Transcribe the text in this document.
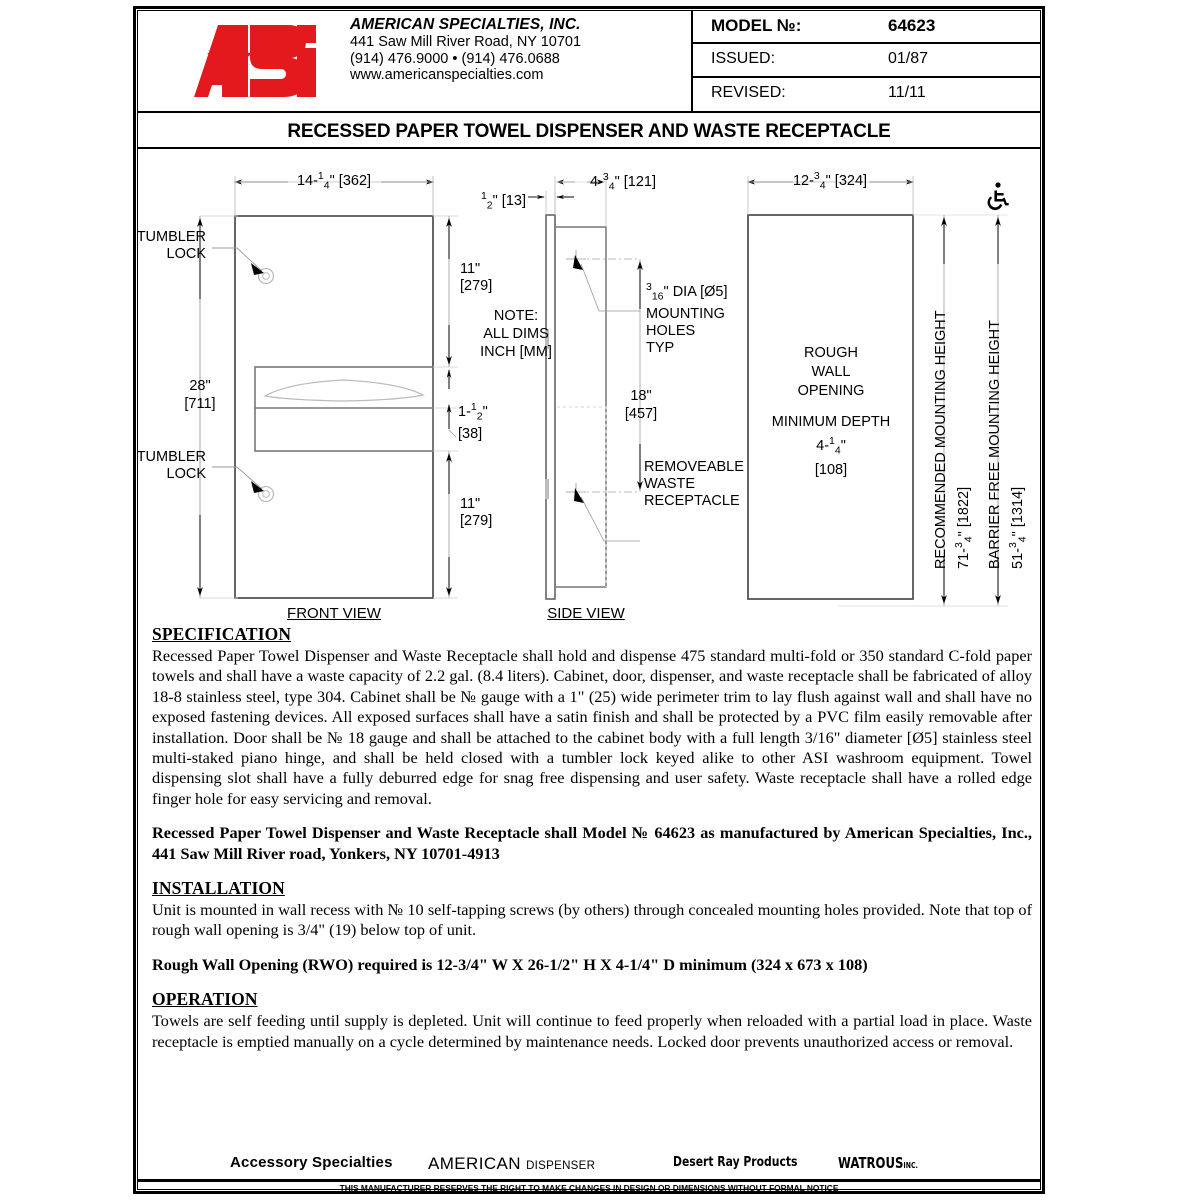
AMERICAN SPECIALTIES, INC.
441 Saw Mill River Road, NY 10701
(914) 476.9000 • (914) 476.0688
www.americanspecialties.com
MODEL №:	64623
ISSUED:	01/87
REVISED:	11/11
RECESSED PAPER TOWEL DISPENSER AND WASTE RECEPTACLE
14-$^1_4$" [362]
TUMBLER
LOCK
TUMBLER
LOCK
28"
[711]
11"
[279]
1-$^1_2$"
[38]
11"
[279]
NOTE:
ALL DIMS
INCH [MM]
$^1_2$" [13]
4-$^3_4$" [121]
18"
[457]
$^3_{16}$" DIA [Ø5]
MOUNTING
HOLES
TYP
REMOVEABLE
WASTE
RECEPTACLE
12-$^3_4$" [324]
ROUGH
WALL
OPENING
MINIMUM DEPTH
4-$^1_4$"
[108]	RECOMMENDED MOUNTING HEIGHT 71-$^3_4$" [1822]	BARRIER FREE MOUNTING HEIGHT 51-$^3_4$" [1314]
FRONT VIEW	SIDE VIEW
SPECIFICATION

Recessed Paper Towel Dispenser and Waste Receptacle shall hold and dispense 475 standard multi-fold or 350 standard C-fold paper towels and shall have a waste capacity of 2.2 gal. (8.4 liters). Cabinet, door, dispenser, and waste receptacle shall be fabricated of alloy 18-8 stainless steel, type 304. Cabinet shall be № gauge with a 1" (25) wide perimeter trim to lay flush against wall and shall have no exposed fastening devices. All exposed surfaces shall have a satin finish and shall be protected by a PVC film easily removable after installation. Door shall be № 18 gauge and shall be attached to the cabinet body with a full length 3/16" diameter [Ø5] stainless steel multi-staked piano hinge, and shall be held closed with a tumbler lock keyed alike to other ASI washroom equipment. Towel dispensing slot shall have a fully deburred edge for snag free dispensing and user safety. Waste receptacle shall have a rolled edge finger hole for easy servicing and removal.

Recessed Paper Towel Dispenser and Waste Receptacle shall Model № 64623 as manufactured by American Specialties, Inc., 441 Saw Mill River road, Yonkers, NY 10701-4913

INSTALLATION

Unit is mounted in wall recess with № 10 self-tapping screws (by others) through concealed mounting holes provided. Note that top of rough wall opening is 3/4" (19) below top of unit.

Rough Wall Opening (RWO) required is 12-3/4" W X 26-1/2" H X 4-1/4" D minimum (324 x 673 x 108)

OPERATION

Towels are self feeding until supply is depleted. Unit will continue to feed properly when reloaded with a partial load in place. Waste receptacle is emptied manually on a cycle determined by maintenance needs. Locked door prevents unauthorized access or removal.

Accessory Specialties AMERICAN DISPENSER	Desert Ray Products	WATROUSINC.
THIS MANUFACTURER RESERVES THE RIGHT TO MAKE CHANGES IN DESIGN OR DIMENSIONS WITHOUT FORMAL NOTICE
